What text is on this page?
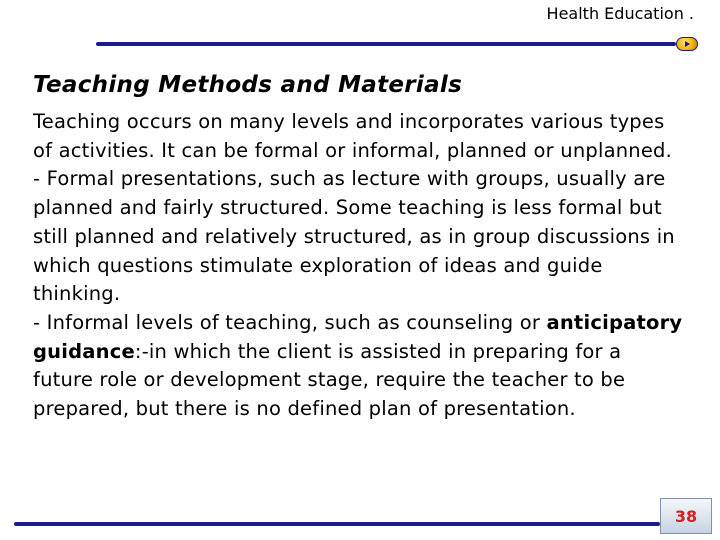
Health Education .
Teaching Methods and Materials

Teaching occurs on many levels and incorporates various types of activities. It can be formal or informal, planned or unplanned.

- Formal presentations, such as lecture with groups, usually are planned and fairly structured. Some teaching is less formal but still planned and relatively structured, as in group discussions in which questions stimulate exploration of ideas and guide thinking.

- Informal levels of teaching, such as counseling or anticipatory guidance:-in which the client is assisted in preparing for a future role or development stage, require the teacher to be prepared, but there is no defined plan of presentation.

38
